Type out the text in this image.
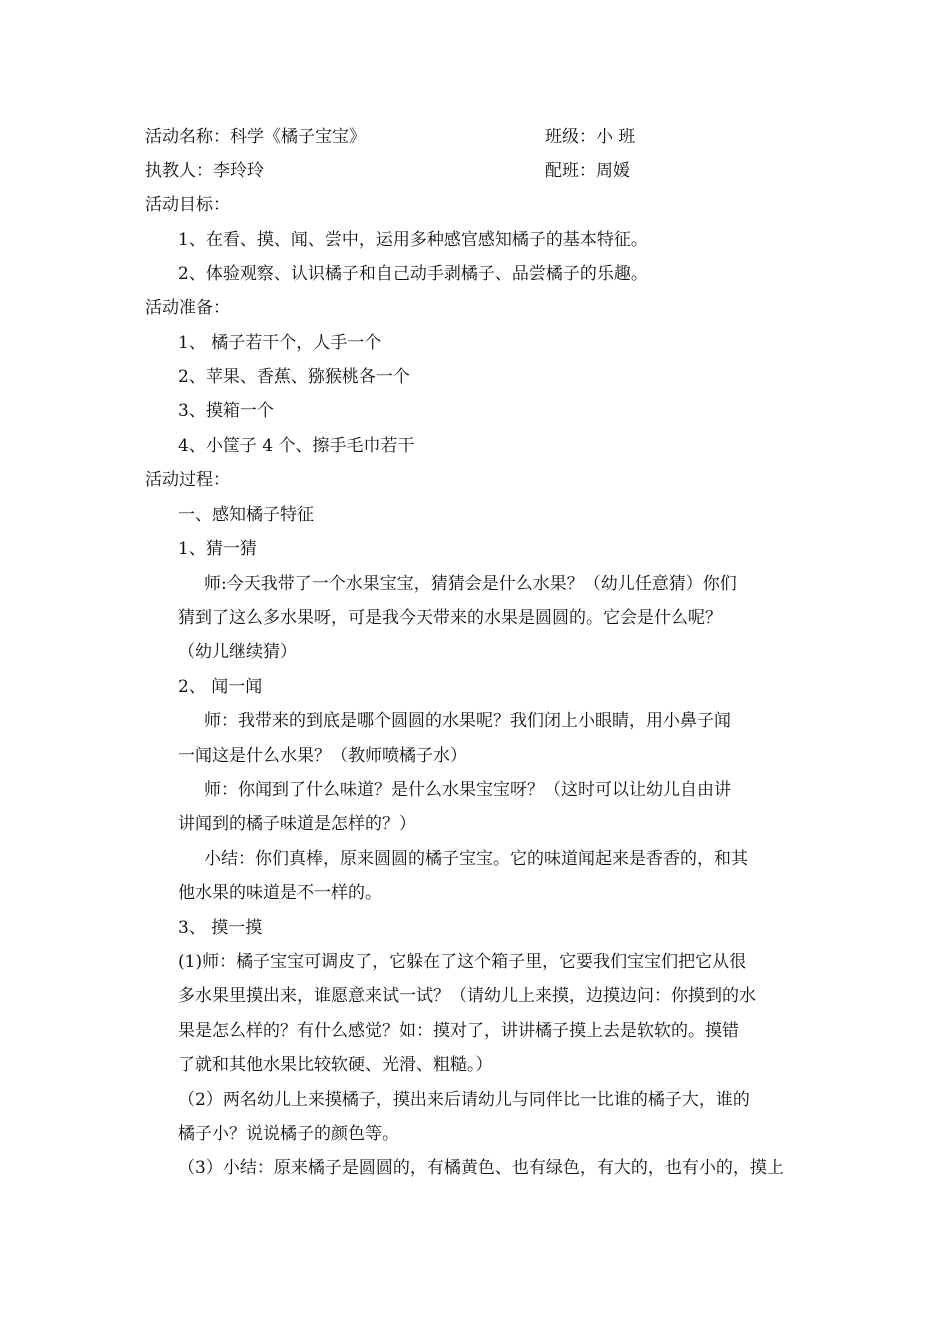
活动名称：科学《橘子宝宝》	班级：小 班
执教人：李玲玲	配班：周媛
活动目标：
1、在看、摸、闻、尝中，运用多种感官感知橘子的基本特征。
2、体验观察、认识橘子和自己动手剥橘子、品尝橘子的乐趣。
活动准备：
1、 橘子若干个，人手一个
2、苹果、香蕉、猕猴桃各一个
3、摸箱一个
4、小筐子 4 个、擦手毛巾若干
活动过程：
一、感知橘子特征
1、猜一猜
师:今天我带了一个水果宝宝，猜猜会是什么水果？（幼儿任意猜）你们
猜到了这么多水果呀，可是我今天带来的水果是圆圆的。它会是什么呢？
（幼儿继续猜）
2、 闻一闻
师：我带来的到底是哪个圆圆的水果呢？我们闭上小眼睛，用小鼻子闻
一闻这是什么水果？（教师喷橘子水）
师：你闻到了什么味道？是什么水果宝宝呀？（这时可以让幼儿自由讲
讲闻到的橘子味道是怎样的？）
小结：你们真棒，原来圆圆的橘子宝宝。它的味道闻起来是香香的，和其
他水果的味道是不一样的。
3、 摸一摸
(1)师：橘子宝宝可调皮了，它躲在了这个箱子里，它要我们宝宝们把它从很
多水果里摸出来，谁愿意来试一试？（请幼儿上来摸，边摸边问：你摸到的水
果是怎么样的？有什么感觉？如：摸对了，讲讲橘子摸上去是软软的。摸错
了就和其他水果比较软硬、光滑、粗糙。）
（2）两名幼儿上来摸橘子，摸出来后请幼儿与同伴比一比谁的橘子大，谁的
橘子小？说说橘子的颜色等。
（3）小结：原来橘子是圆圆的，有橘黄色、也有绿色，有大的，也有小的，摸上
